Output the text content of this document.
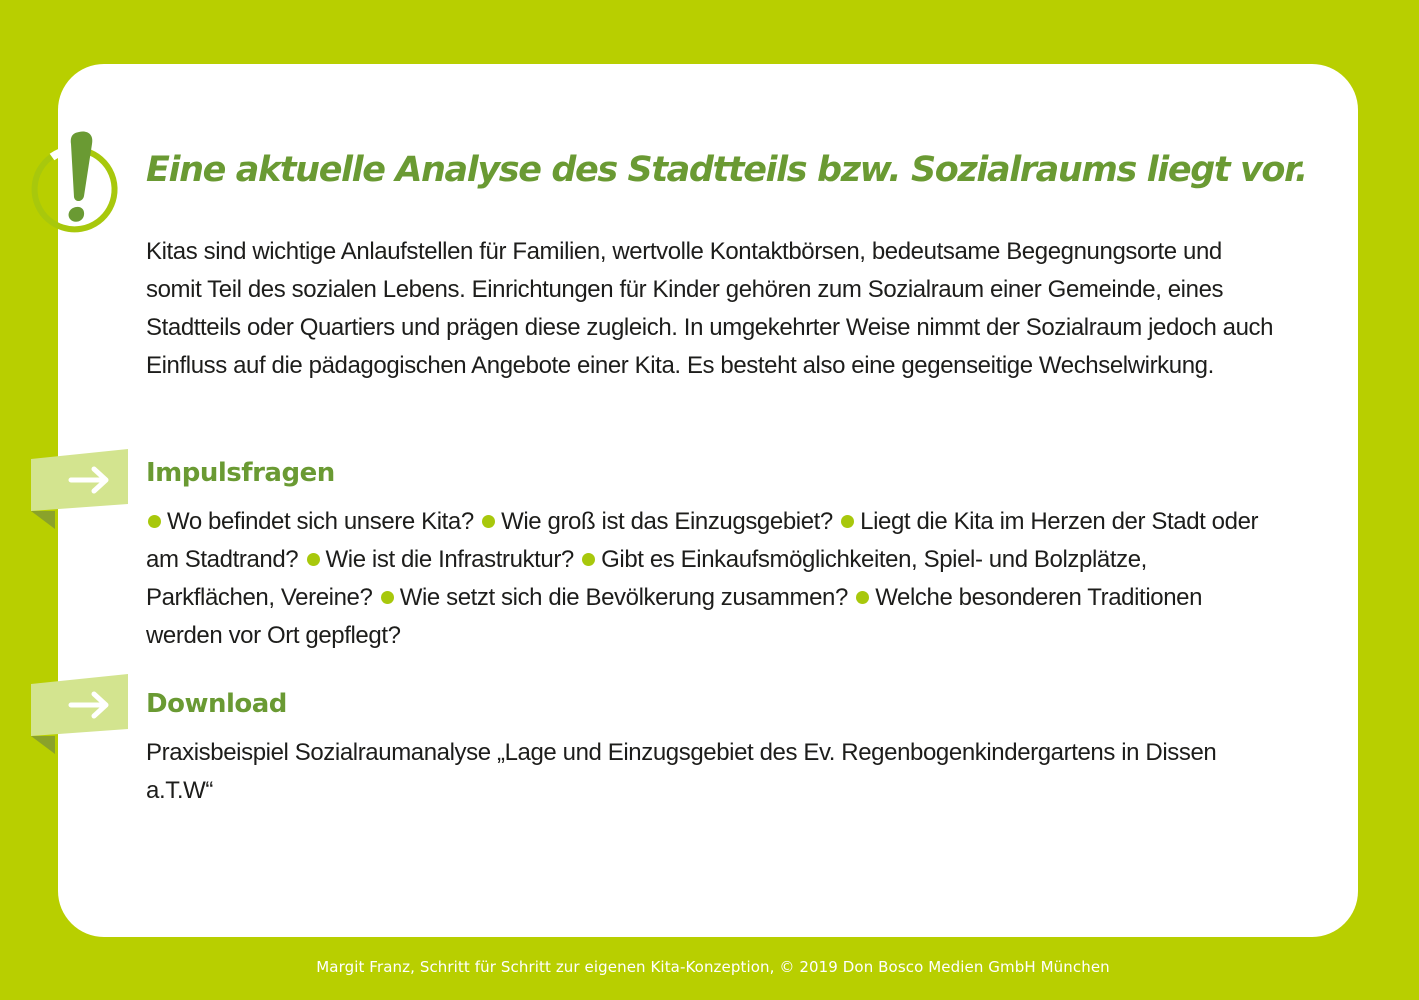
Eine aktuelle Analyse des Stadtteils bzw. Sozialraums liegt vor.

Kitas sind wichtige Anlaufstellen für Familien, wertvolle Kontaktbörsen, bedeutsame Begegnungsorte und somit Teil des sozialen Lebens. Einrichtungen für Kinder gehören zum Sozialraum einer Gemeinde, eines Stadtteils oder Quartiers und prägen diese zugleich. In umgekehrter Weise nimmt der Sozialraum jedoch auch Einfluss auf die pädagogischen Angebote einer Kita. Es besteht also eine gegenseitige Wechselwirkung.

Impulsfragen

Wo befindet sich unsere Kita? Wie groß ist das Einzugsgebiet? Liegt die Kita im Herzen der Stadt oder am Stadtrand? Wie ist die Infrastruktur? Gibt es Einkaufsmöglichkeiten, Spiel- und Bolzplätze, Parkflächen, Vereine? Wie setzt sich die Bevölkerung zusammen? Welche besonderen Traditionen werden vor Ort gepflegt?

Download

Praxisbeispiel Sozialraumanalyse „Lage und Einzugsgebiet des Ev. Regenbogenkindergartens in Dissen a.T.W“

Margit Franz, Schritt für Schritt zur eigenen Kita-Konzeption, © 2019 Don Bosco Medien GmbH München
